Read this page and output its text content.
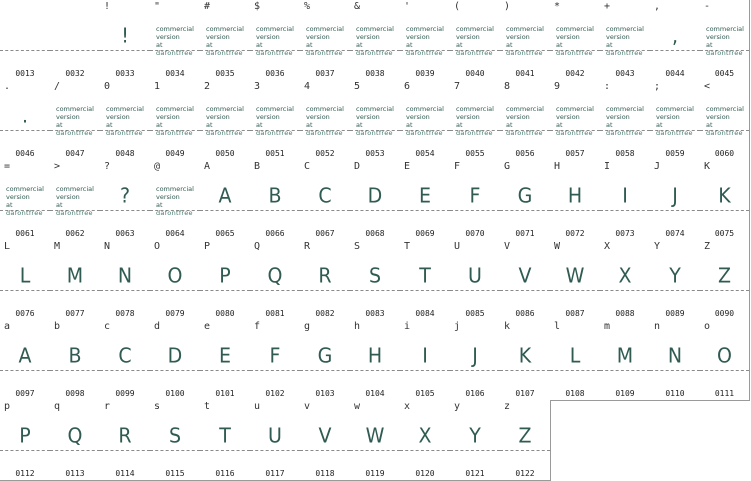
0013	0032
!
!
0033
"
commercial
version
at
dafontfree
0034
#
commercial
version
at
dafontfree
0035
$
commercial
version
at
dafontfree
0036
%
commercial
version
at
dafontfree
0037
&
commercial
version
at
dafontfree
0038
'
commercial
version
at
dafontfree
0039
(
commercial
version
at
dafontfree
0040
)
commercial
version
at
dafontfree
0041
*
commercial
version
at
dafontfree
0042
+
commercial
version
at
dafontfree
0043
,
,
0044
-
commercial
version
at
dafontfree
0045
.
.
0046
/
commercial
version
at
dafontfree
0047
0
commercial
version
at
dafontfree
0048
1
commercial
version
at
dafontfree
0049
2
commercial
version
at
dafontfree
0050
3
commercial
version
at
dafontfree
0051
4
commercial
version
at
dafontfree
0052
5
commercial
version
at
dafontfree
0053
6
commercial
version
at
dafontfree
0054
7
commercial
version
at
dafontfree
0055
8
commercial
version
at
dafontfree
0056
9
commercial
version
at
dafontfree
0057
:
commercial
version
at
dafontfree
0058
;
commercial
version
at
dafontfree
0059
<
commercial
version
at
dafontfree
0060
=
commercial
version
at
dafontfree
0061
>
commercial
version
at
dafontfree
0062
?
?
0063
@
commercial
version
at
dafontfree
0064
A
A
0065
B
B
0066
C
C
0067
D
D
0068
E
E
0069
F
F
0070
G
G
0071
H
H
0072
I
I
0073
J
J
0074
K
K
0075
L
L
0076
M
M
0077
N
N
0078
O
O
0079
P
P
0080
Q
Q
0081
R
R
0082
S
S
0083
T
T
0084
U
U
0085
V
V
0086
W
W
0087
X
X
0088
Y
Y
0089
Z
Z
0090
a
A
0097
b
B
0098
c
C
0099
d
D
0100
e
E
0101
f
F
0102
g
G
0103
h
H
0104
i
I
0105
j
J
0106
k
K
0107
l
L
0108
m
M
0109
n
N
0110
o
O
0111
p
P
0112
q
Q
0113
r
R
0114
s
S
0115
t
T
0116
u
U
0117
v
V
0118
w
W
0119
x
X
0120
y
Y
0121
z
Z
0122
